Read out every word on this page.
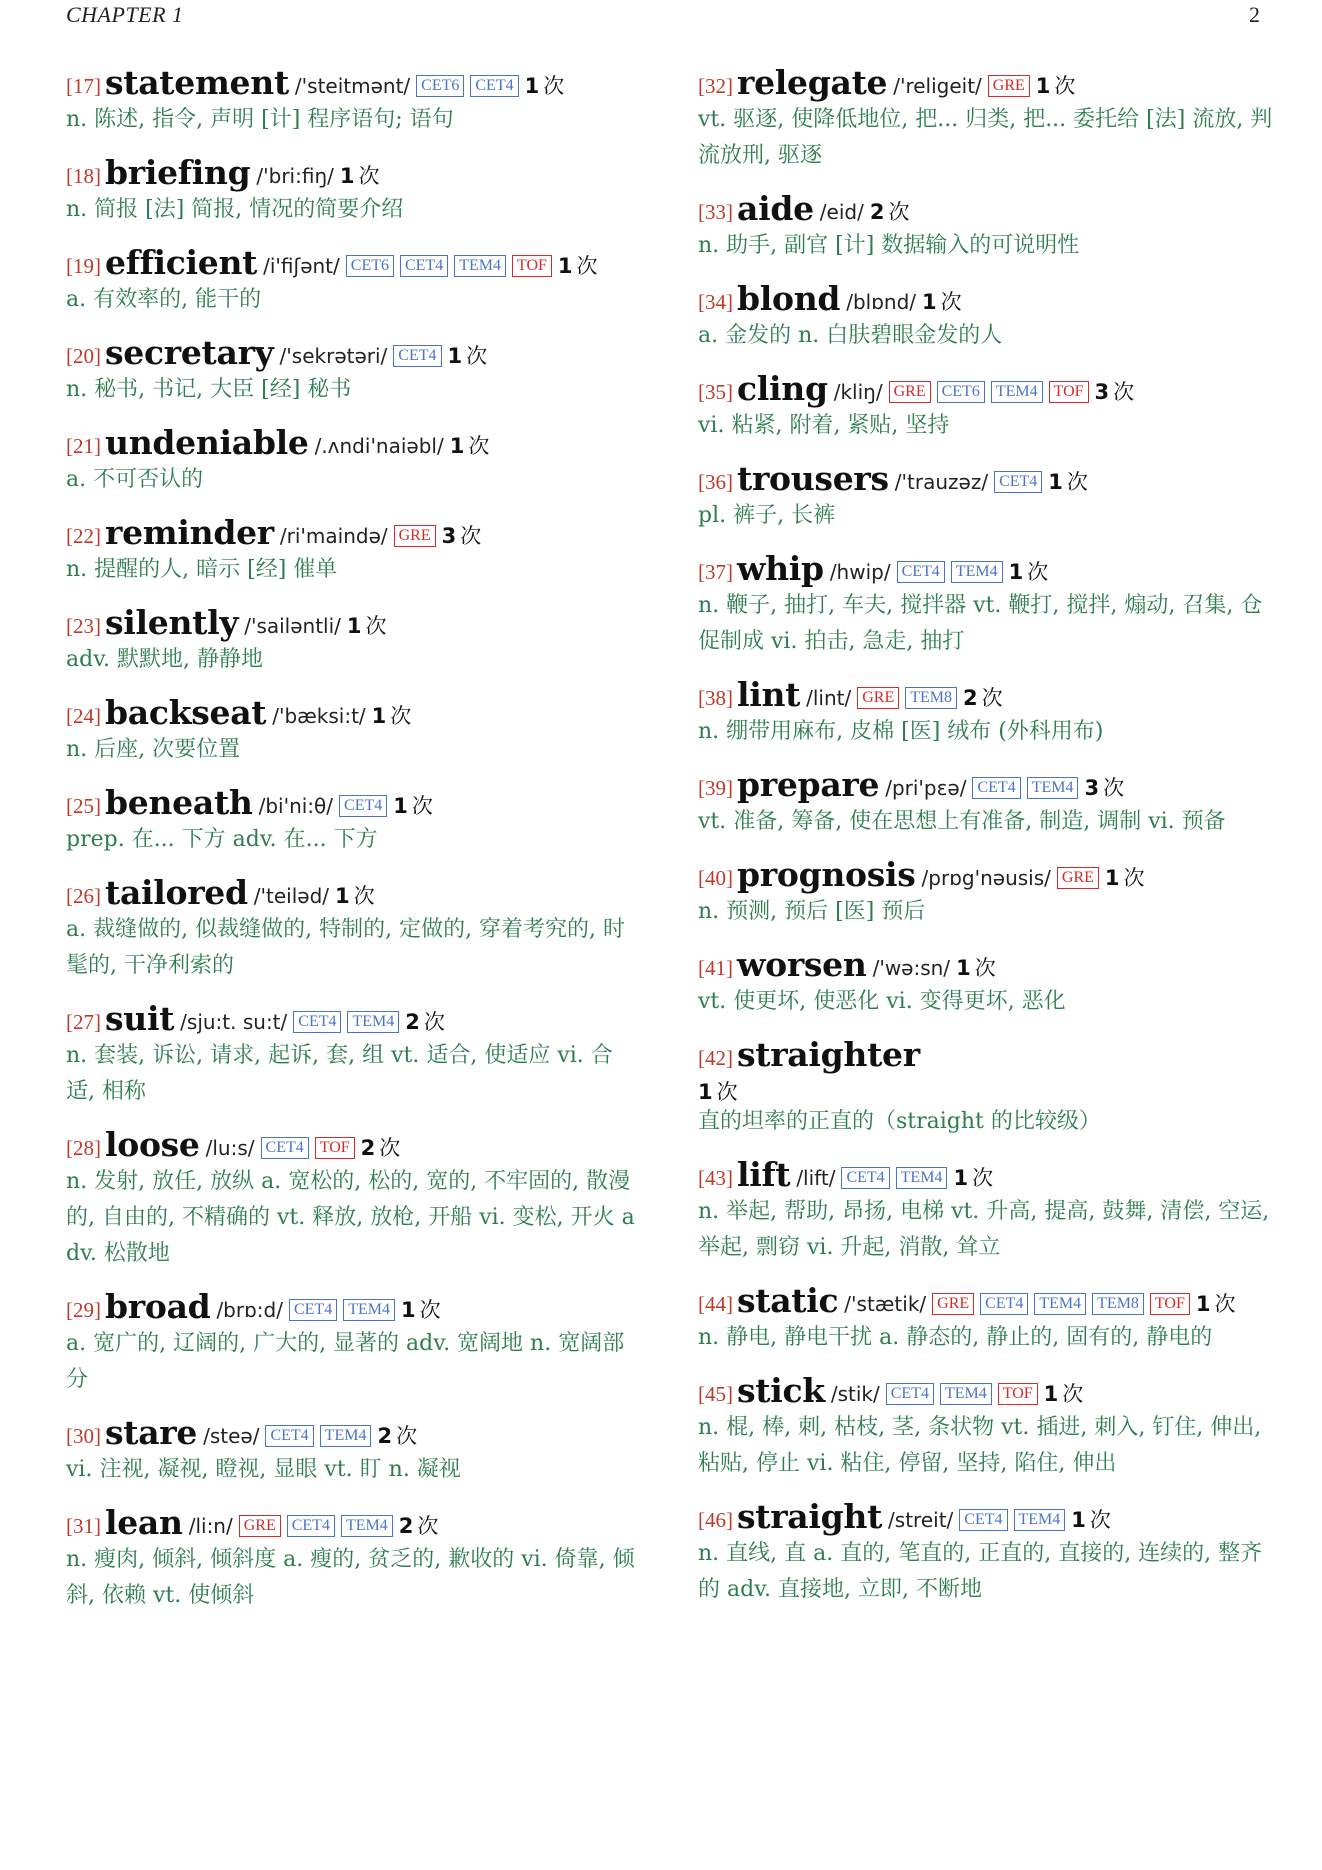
CHAPTER 1	2
[17] statement /'steitmənt/ CET6	CET4 1 次
n. 陈述, 指令, 声明 [计] 程序语句; 语句
[18] briefing /'bri:fiŋ/ 1 次
n. 简报 [法] 简报, 情况的简要介绍
[19] efficient /i'fiʃənt/ CET6	CET4	TEM4	TOF 1 次
a. 有效率的, 能干的
[20] secretary /'sekrətəri/ CET4 1 次
n. 秘书, 书记, 大臣 [经] 秘书
[21] undeniable /.ʌndi'naiəbl/ 1 次
a. 不可否认的
[22] reminder /ri'maində/ GRE 3 次
n. 提醒的人, 暗示 [经] 催单
[23] silently /'sailəntli/ 1 次
adv. 默默地, 静静地
[24] backseat /'bæksi:t/ 1 次
n. 后座, 次要位置
[25] beneath /bi'ni:θ/ CET4 1 次
prep. 在... 下方 adv. 在... 下方
[26] tailored /'teiləd/ 1 次
a. 裁缝做的, 似裁缝做的, 特制的, 定做的, 穿着考究的, 时髦的, 干净利索的
[27] suit /sju:t. su:t/ CET4	TEM4 2 次
n. 套装, 诉讼, 请求, 起诉, 套, 组 vt. 适合, 使适应 vi. 合适, 相称
[28] loose /lu:s/ CET4	TOF 2 次
n. 发射, 放任, 放纵 a. 宽松的, 松的, 宽的, 不牢固的, 散漫的, 自由的, 不精确的 vt. 释放, 放枪, 开船 vi. 变松, 开火 adv. 松散地
[29] broad /brɒ:d/ CET4	TEM4 1 次
a. 宽广的, 辽阔的, 广大的, 显著的 adv. 宽阔地 n. 宽阔部分
[30] stare /steə/ CET4	TEM4 2 次
vi. 注视, 凝视, 瞪视, 显眼 vt. 盯 n. 凝视
[31] lean /li:n/ GRE	CET4	TEM4 2 次
n. 瘦肉, 倾斜, 倾斜度 a. 瘦的, 贫乏的, 歉收的 vi. 倚靠, 倾斜, 依赖 vt. 使倾斜
[32] relegate /'religeit/ GRE 1 次
vt. 驱逐, 使降低地位, 把... 归类, 把... 委托给 [法] 流放, 判流放刑, 驱逐
[33] aide /eid/ 2 次
n. 助手, 副官 [计] 数据输入的可说明性
[34] blond /blɒnd/ 1 次
a. 金发的 n. 白肤碧眼金发的人
[35] cling /kliŋ/ GRE	CET6	TEM4	TOF 3 次
vi. 粘紧, 附着, 紧贴, 坚持
[36] trousers /'trauzəz/ CET4 1 次
pl. 裤子, 长裤
[37] whip /hwip/ CET4	TEM4 1 次
n. 鞭子, 抽打, 车夫, 搅拌器 vt. 鞭打, 搅拌, 煽动, 召集, 仓促制成 vi. 拍击, 急走, 抽打
[38] lint /lint/ GRE	TEM8 2 次
n. 绷带用麻布, 皮棉 [医] 绒布 (外科用布)
[39] prepare /pri'pɛə/ CET4	TEM4 3 次
vt. 准备, 筹备, 使在思想上有准备, 制造, 调制 vi. 预备
[40] prognosis /prɒg'nəusis/ GRE 1 次
n. 预测, 预后 [医] 预后
[41] worsen /'wə:sn/ 1 次
vt. 使更坏, 使恶化 vi. 变得更坏, 恶化
[42] straighter
1 次
直的坦率的正直的（straight 的比较级）
[43] lift /lift/ CET4	TEM4 1 次
n. 举起, 帮助, 昂扬, 电梯 vt. 升高, 提高, 鼓舞, 清偿, 空运, 举起, 剽窃 vi. 升起, 消散, 耸立
[44] static /'stætik/ GRE	CET4	TEM4	TEM8	TOF 1 次
n. 静电, 静电干扰 a. 静态的, 静止的, 固有的, 静电的
[45] stick /stik/ CET4	TEM4	TOF 1 次
n. 棍, 棒, 刺, 枯枝, 茎, 条状物 vt. 插进, 刺入, 钉住, 伸出, 粘贴, 停止 vi. 粘住, 停留, 坚持, 陷住, 伸出
[46] straight /streit/ CET4	TEM4 1 次
n. 直线, 直 a. 直的, 笔直的, 正直的, 直接的, 连续的, 整齐的 adv. 直接地, 立即, 不断地
